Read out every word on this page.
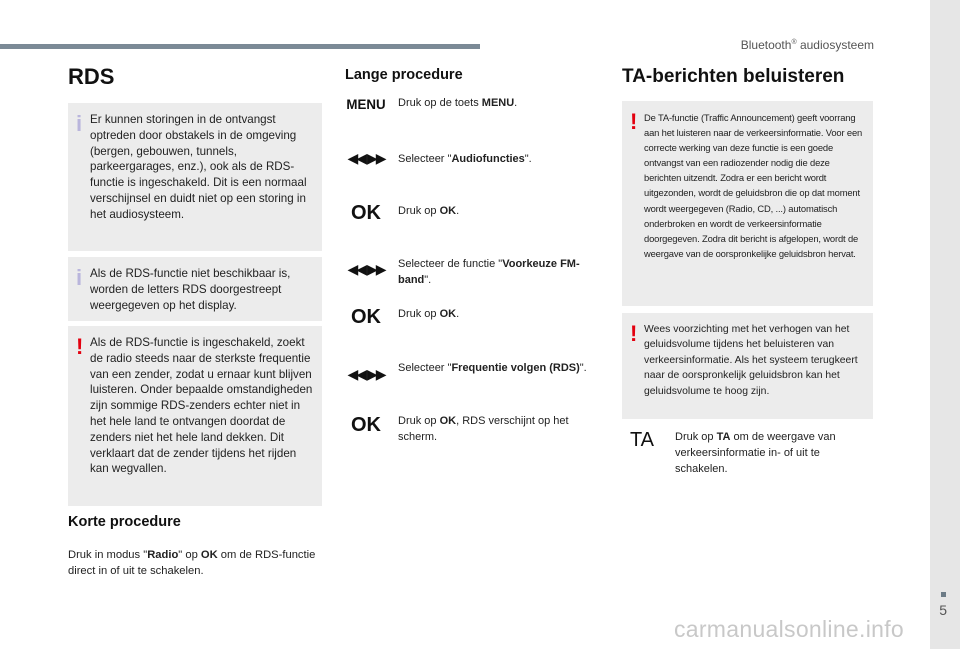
Bluetooth® audiosysteem
5
carmanualsonline.info
RDS
i Er kunnen storingen in de ontvangst optreden door obstakels in de omgeving (bergen, gebouwen, tunnels, parkeergarages, enz.), ook als de RDS-functie is ingeschakeld. Dit is een normaal verschijnsel en duidt niet op een storing in het audiosysteem.
i Als de RDS-functie niet beschikbaar is, worden de letters RDS doorgestreept weergegeven op het display.
! Als de RDS-functie is ingeschakeld, zoekt de radio steeds naar de sterkste frequentie van een zender, zodat u ernaar kunt blijven luisteren. Onder bepaalde omstandigheden zijn sommige RDS-zenders echter niet in het hele land te ontvangen doordat de zenders niet het hele land dekken. Dit verklaart dat de zender tijdens het rijden kan wegvallen.
Korte procedure
Druk in modus "Radio" op OK om de RDS-functie direct in of uit te schakelen.
Lange procedure
MENU Druk op de toets MENU.
◀◀ ▶▶	Selecteer "Audiofuncties".
OK	Druk op OK.
◀◀ ▶▶	Selecteer de functie "Voorkeuze FM-band".
OK	Druk op OK.
◀◀ ▶▶	Selecteer "Frequentie volgen (RDS)".
OK	Druk op OK, RDS verschijnt op het scherm.
TA-berichten beluisteren
! De TA-functie (Traffic Announcement) geeft voorrang aan het luisteren naar de verkeersinformatie. Voor een correcte werking van deze functie is een goede ontvangst van een radiozender nodig die deze berichten uitzendt. Zodra er een bericht wordt uitgezonden, wordt de geluidsbron die op dat moment wordt weergegeven (Radio, CD, ...) automatisch onderbroken en wordt de verkeersinformatie doorgegeven. Zodra dit bericht is afgelopen, wordt de weergave van de oorspronkelijke geluidsbron hervat.
! Wees voorzichting met het verhogen van het geluidsvolume tijdens het beluisteren van verkeersinformatie. Als het systeem terugkeert naar de oorspronkelijk geluidsbron kan het geluidsvolume te hoog zijn.
TA	Druk op TA om de weergave van verkeersinformatie in- of uit te schakelen.
